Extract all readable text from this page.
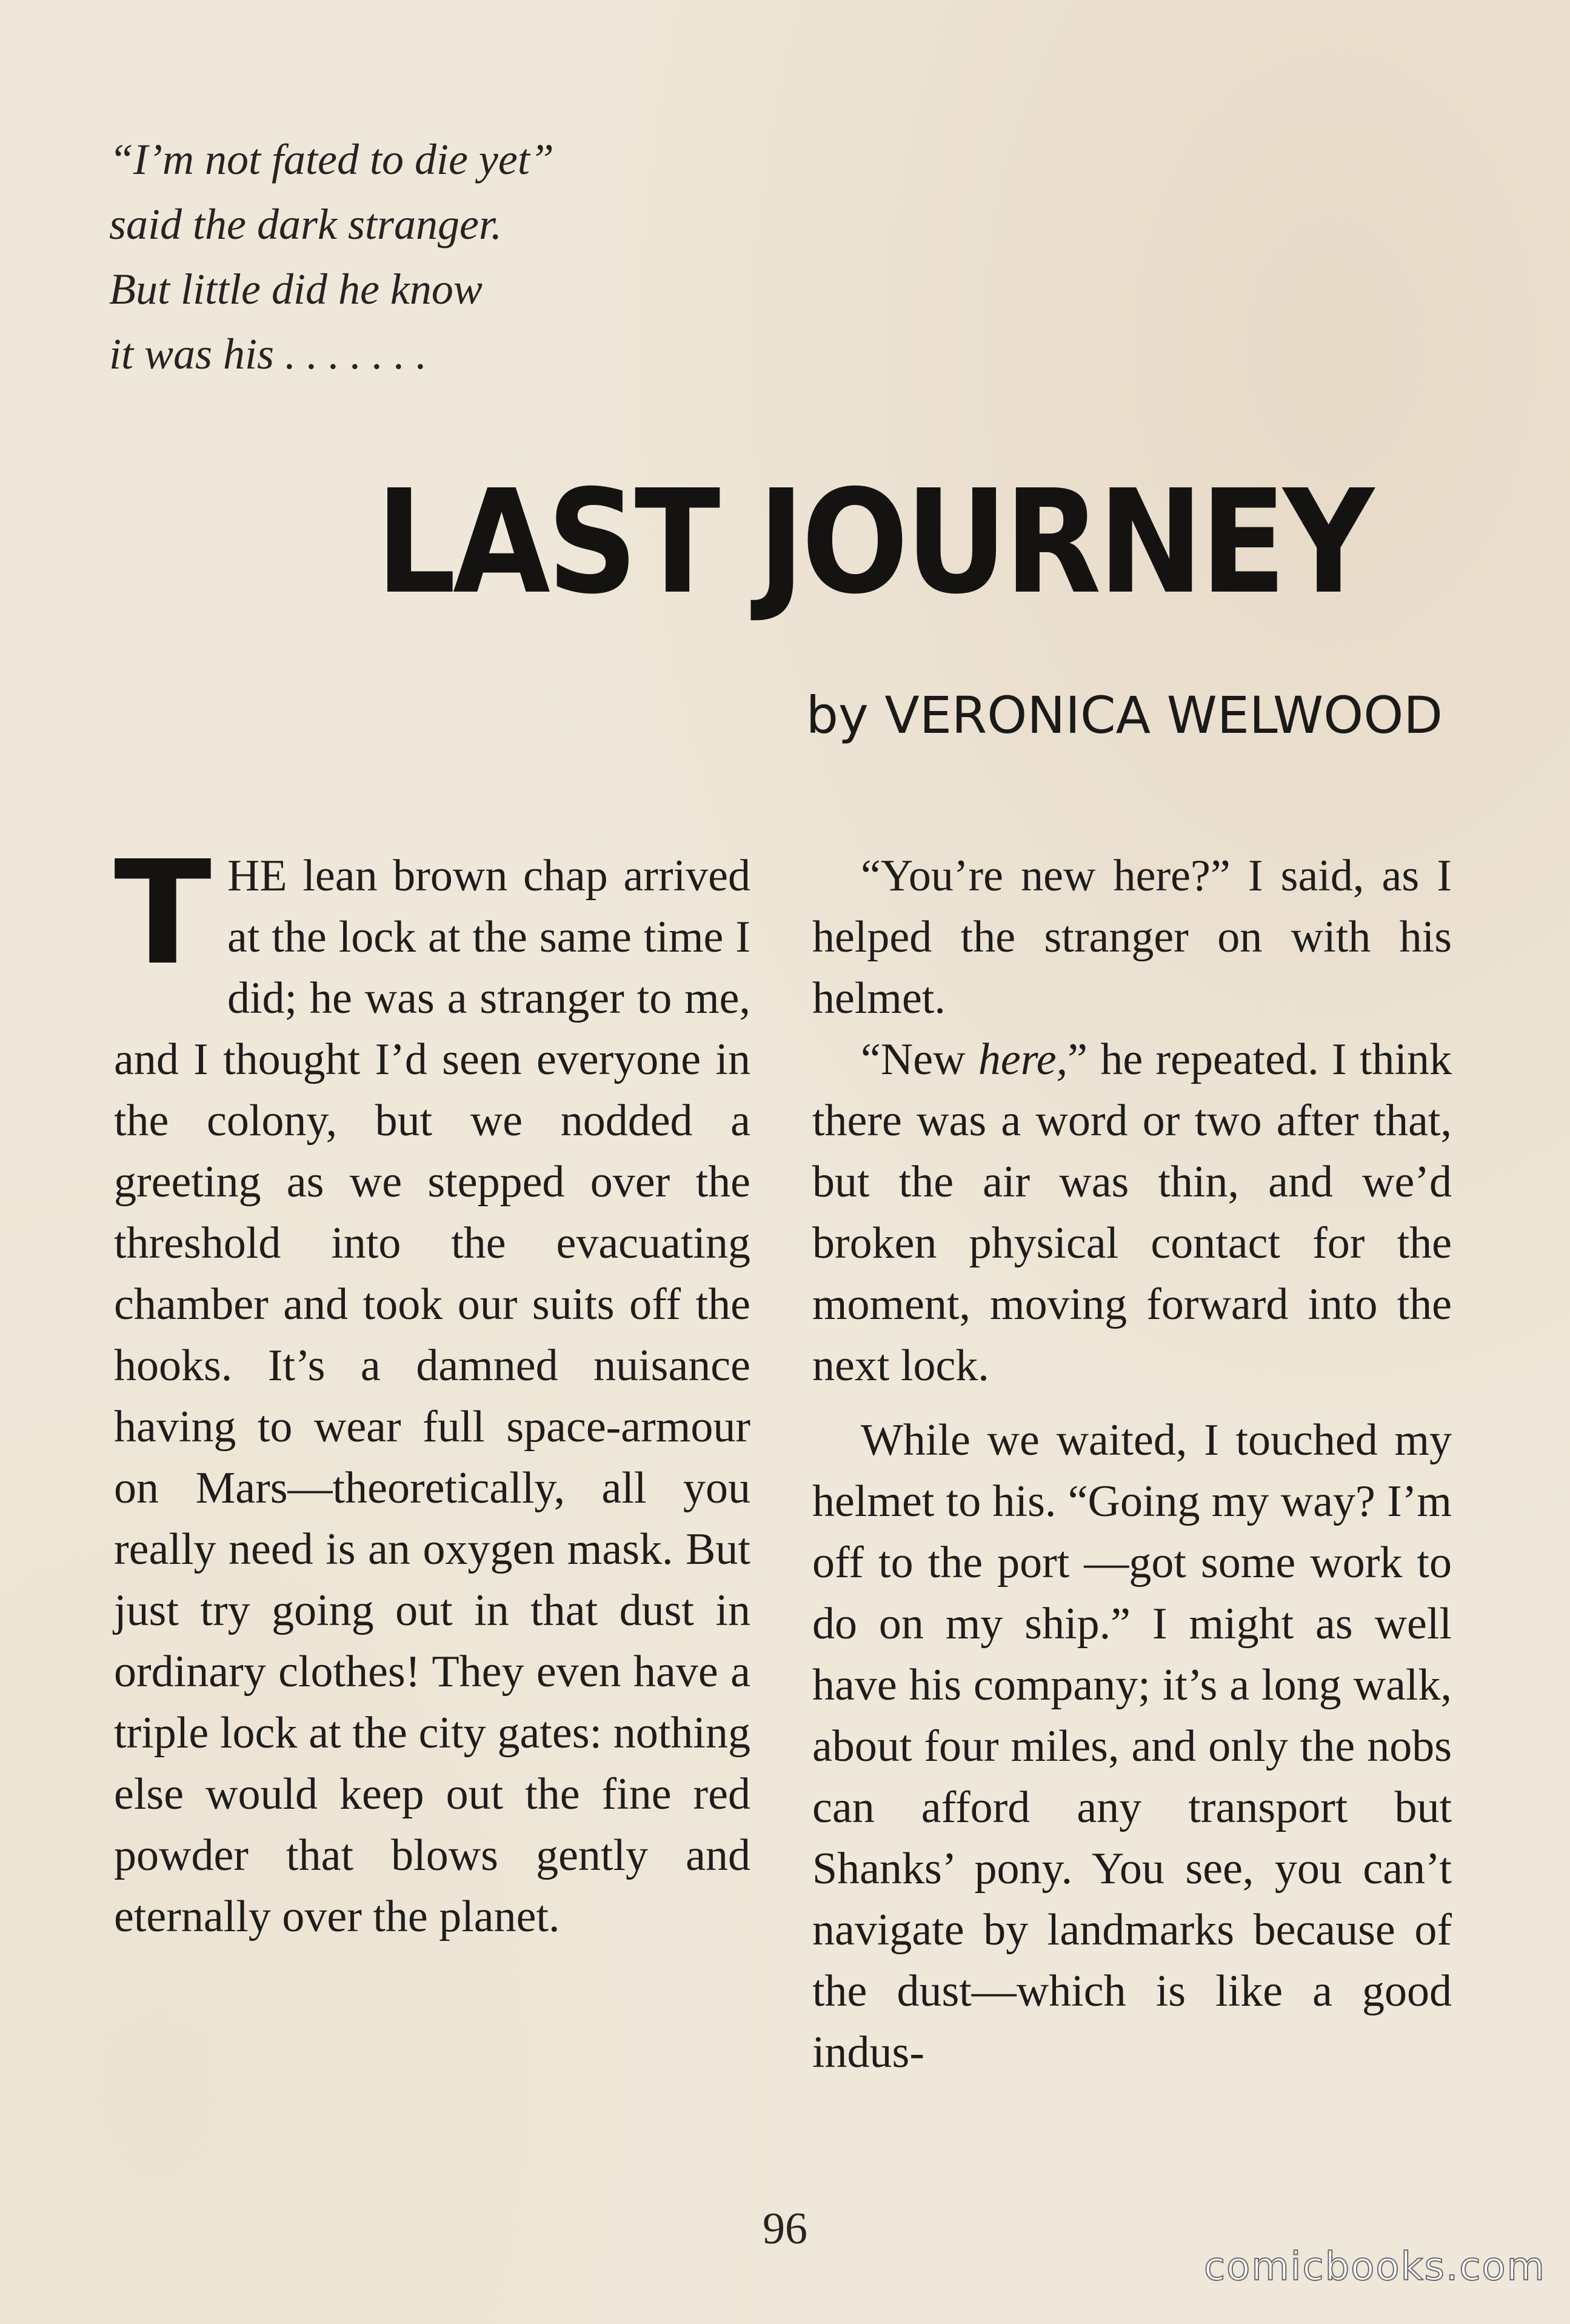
“I’m not fated to die yet”
said the dark stranger.
But little did he know
it was his . . . . . . .
LAST JOURNEY
by VERONICA WELWOOD

THE lean brown chap arrived at the lock at the same time I did; he was a stranger to me, and I thought I’d seen everyone in the colony, but we nodded a greeting as we stepped over the threshold into the evacuating chamber and took our suits off the hooks. It’s a damned nuisance having to wear full space-armour on Mars—theoretically, all you really need is an oxygen mask. But just try going out in that dust in ordinary clothes! They even have a triple lock at the city gates: nothing else would keep out the fine red powder that blows gently and eternally over the planet.

“You’re new here?” I said, as I helped the stranger on with his helmet.

“New here,” he repeated. I think there was a word or two after that, but the air was thin, and we’d broken physical contact for the moment, moving forward into the next lock.

While we waited, I touched my helmet to his. “Going my way? I’m off to the port —got some work to do on my ship.” I might as well have his company; it’s a long walk, about four miles, and only the nobs can afford any transport but Shanks’ pony. You see, you can’t navigate by landmarks because of the dust—which is like a good indus-

96
comicbooks.com
